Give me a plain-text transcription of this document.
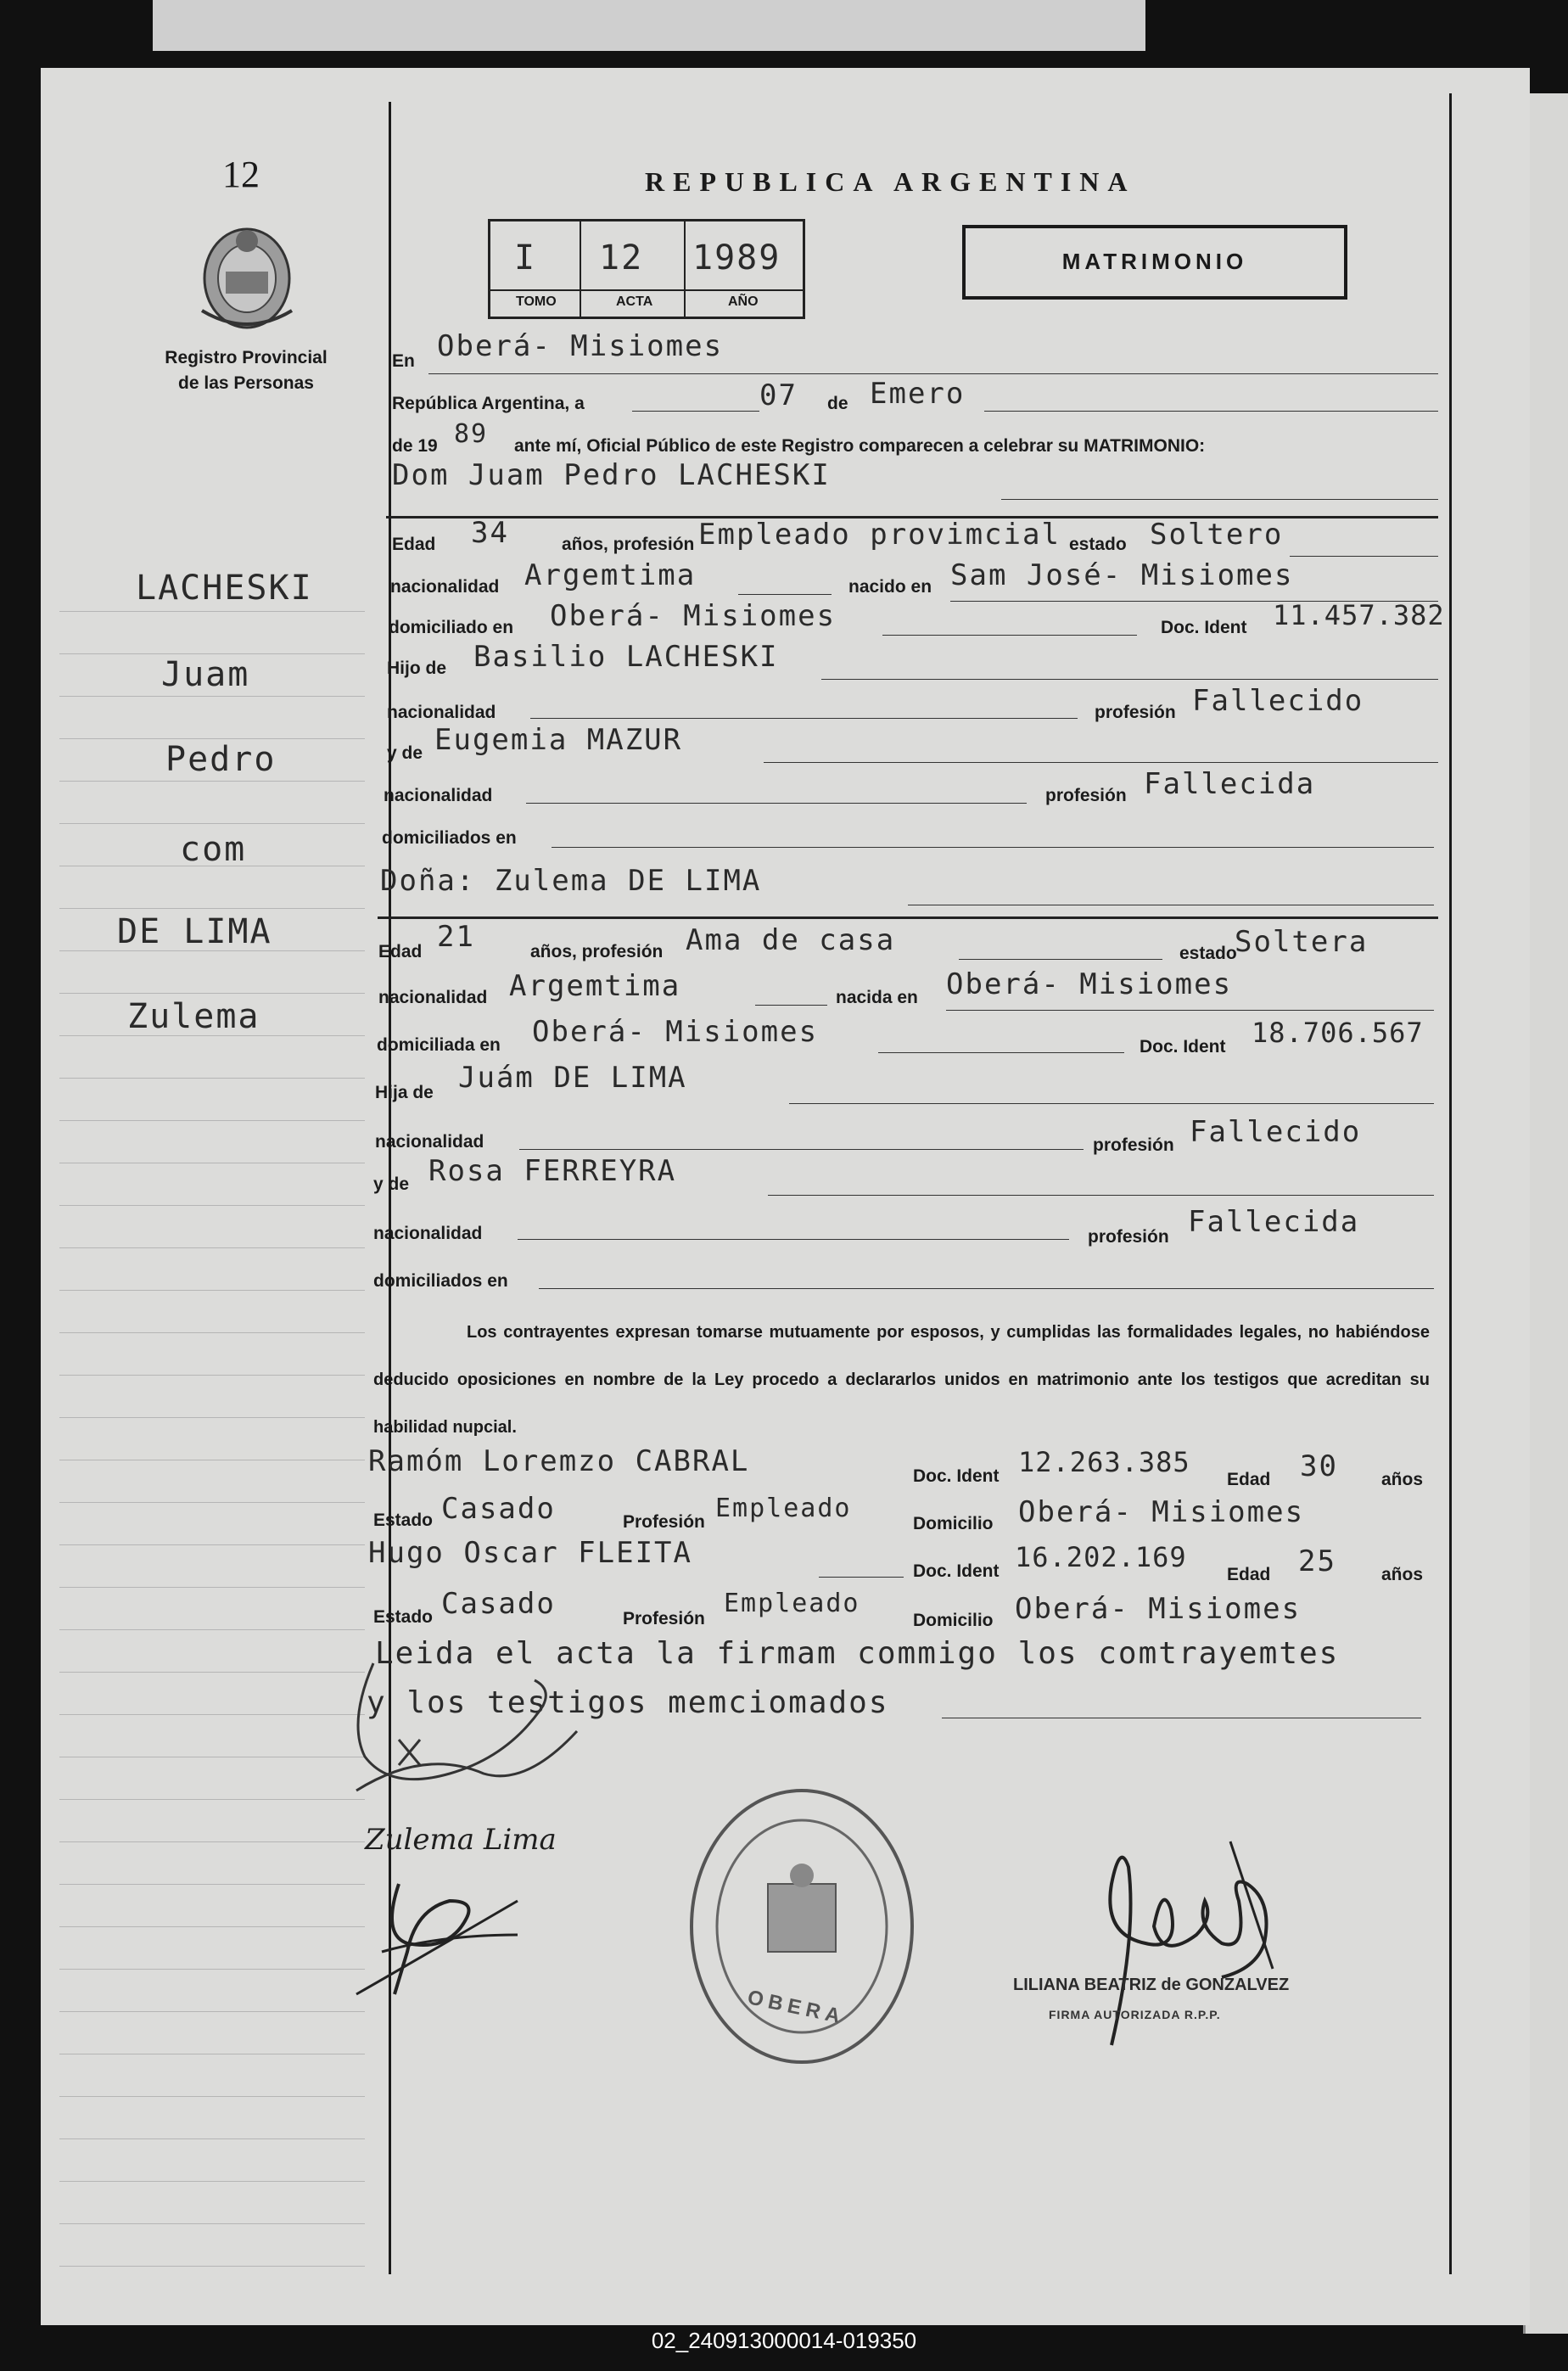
12
Registro Provincial
de las Personas
LACHESKI
Juam
Pedro
com
DE LIMA
Zulema
REPUBLICA ARGENTINA
I 12 1989
TOMO	ACTA	AÑO
MATRIMONIO
En Oberá- Misiomes
República Argentina, a	07 de Emero
de 19 89 ante mí, Oficial Público de este Registro comparecen a celebrar su MATRIMONIO:
Dom Juam Pedro LACHESKI
Edad 34	años, profesión Empleado provimcial estado Soltero
nacionalidad Argemtima	nacido en Sam José- Misiomes
domiciliado en Oberá- Misiomes	Doc. Ident 11.457.382
Hijo de Basilio LACHESKI
nacionalidad	profesión Fallecido
y de Eugemia MAZUR
nacionalidad	profesión Fallecida
domiciliados en
Doña: Zulema DE LIMA
Edad 21	años, profesión Ama de casa	estado
Soltera
nacionalidad Argemtima	nacida en Oberá- Misiomes
domiciliada en Oberá- Misiomes	Doc. Ident 18.706.567
Hija de Juám DE LIMA
nacionalidad	profesión Fallecido
y de Rosa FERREYRA
nacionalidad	profesión Fallecida
domiciliados en
Los contrayentes expresan tomarse mutuamente por esposos, y cumplidas las formalidades legales, no habiéndose deducido oposiciones en nombre de la Ley procedo a declararlos unidos en matrimonio ante los testigos que acreditan su habilidad nupcial.
Ramóm Loremzo CABRAL	Doc. Ident 12.263.385
Edad 30 años
Estado Casado	Profesión Empleado
Domicilio Oberá- Misiomes
Hugo Oscar FLEITA
Doc. Ident 16.202.169
Edad 25	años
Estado Casado	Profesión
Empleado
Domicilio Oberá- Misiomes
Leida el acta la firmam commigo los comtrayemtes
y los testigos memciomados
Zulema Lima
OBERA
LILIANA BEATRIZ de GONZALVEZ
FIRMA AUTORIZADA R.P.P.
02_240913000014-019350
